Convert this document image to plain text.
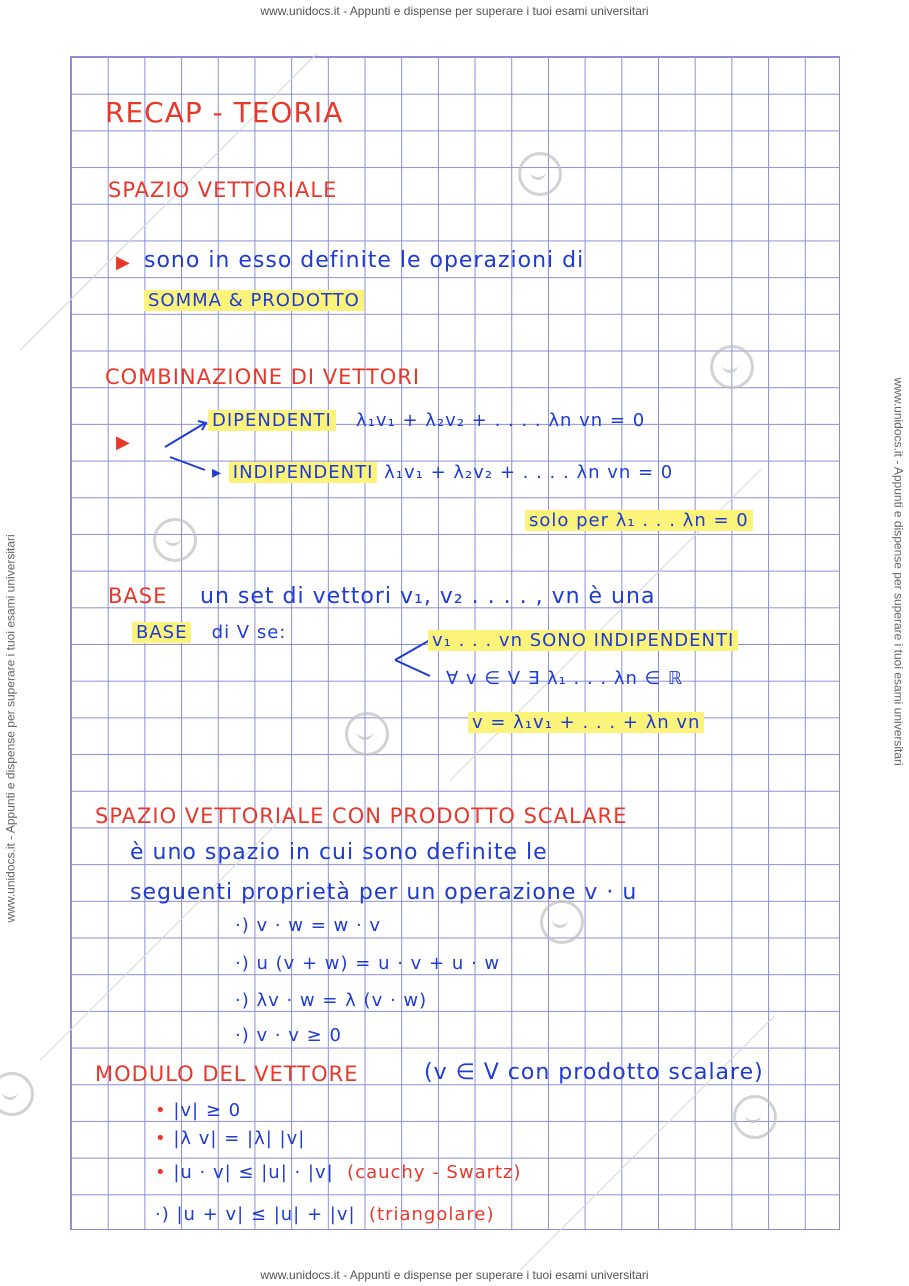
www.unidocs.it - Appunti e dispense per superare i tuoi esami universitari
www.unidocs.it - Appunti e dispense per superare i tuoi esami universitari	www.unidocs.it - Appunti e dispense per superare i tuoi esami universitari
RECAP - TEORIA
SPAZIO VETTORIALE
▶ sono in esso definite le operazioni di
SOMMA & PRODOTTO
COMBINAZIONE DI VETTORI
▶
DIPENDENTI λ₁v₁ + λ₂v₂ + . . . . λn vn = 0
▸ INDIPENDENTI λ₁v₁ + λ₂v₂ + . . . . λn vn = 0
solo per λ₁ . . . λn = 0
BASE un set di vettori v₁, v₂ . . . . , vn è una
BASE di V se:	v₁ . . . vn SONO INDIPENDENTI
∀ v ∈ V ∃ λ₁ . . . λn ∈ ℝ
v = λ₁v₁ + . . . + λn vn
SPAZIO VETTORIALE CON PRODOTTO SCALARE
è uno spazio in cui sono definite le
seguenti proprietà per un operazione v · u
·) v · w = w · v
·) u (v + w) = u · v + u · w
·) λv · w = λ (v · w)
·) v · v ≥ 0
MODULO DEL VETTORE	(v ∈ V con prodotto scalare)
• |v| ≥ 0
• |λ v| = |λ| |v|
• |u · v| ≤ |u| · |v| (cauchy - Swartz)
·) |u + v| ≤ |u| + |v| (triangolare)
www.unidocs.it - Appunti e dispense per superare i tuoi esami universitari
